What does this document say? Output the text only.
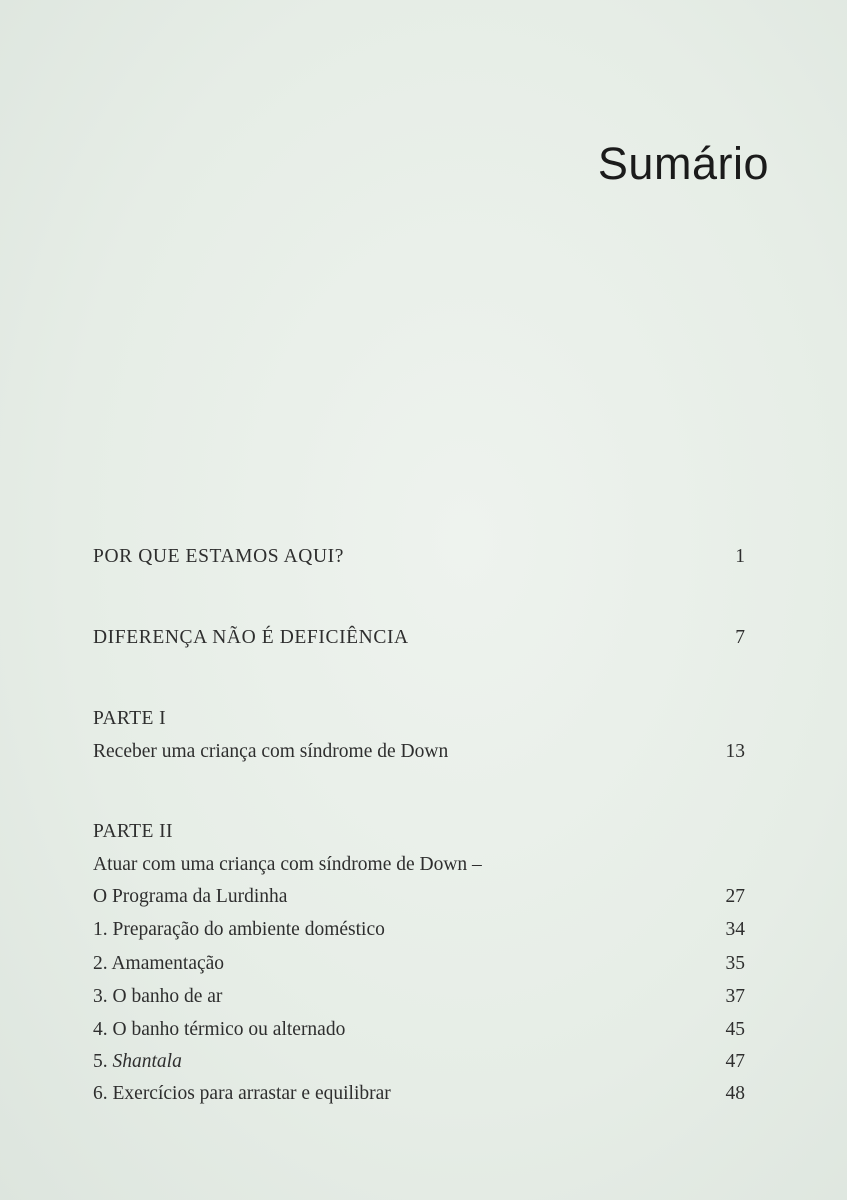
Sumário
POR QUE ESTAMOS AQUI?	1
DIFERENÇA NÃO É DEFICIÊNCIA	7
PARTE I
Receber uma criança com síndrome de Down	13
PARTE II
Atuar com uma criança com síndrome de Down –
O Programa da Lurdinha	27
1. Preparação do ambiente doméstico	34
2. Amamentação	35
3. O banho de ar	37
4. O banho térmico ou alternado	45
5. Shantala	47
6. Exercícios para arrastar e equilibrar	48
